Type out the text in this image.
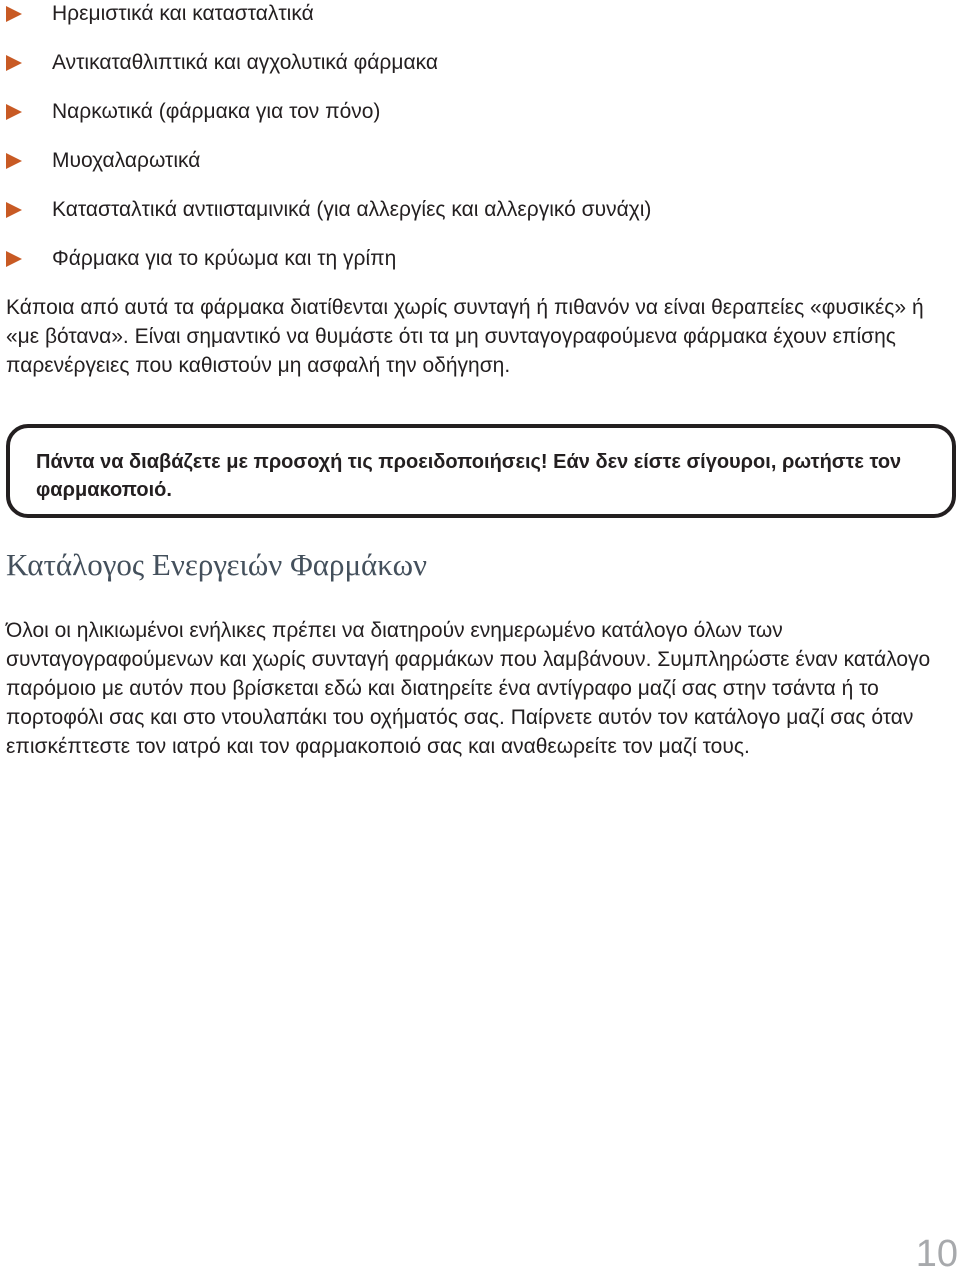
Ηρεμιστικά και κατασταλτικά
Αντικαταθλιπτικά και αγχολυτικά φάρμακα
Ναρκωτικά (φάρμακα για τον πόνο)
Μυοχαλαρωτικά
Κατασταλτικά αντιισταμινικά (για αλλεργίες και αλλεργικό συνάχι)
Φάρμακα για το κρύωμα και τη γρίπη

Κάποια από αυτά τα φάρμακα διατίθενται χωρίς συνταγή ή πιθανόν να είναι θεραπείες «φυσικές» ή «με βότανα». Είναι σημαντικό να θυμάστε ότι τα μη συνταγογραφούμενα φάρμακα έχουν επίσης παρενέργειες που καθιστούν μη ασφαλή την οδήγηση.

Πάντα να διαβάζετε με προσοχή τις προειδοποιήσεις! Εάν δεν είστε σίγουροι, ρωτήστε τον φαρμακοποιό.

Κατάλογος Ενεργειών Φαρμάκων

Όλοι οι ηλικιωμένοι ενήλικες πρέπει να διατηρούν ενημερωμένο κατάλογο όλων των συνταγογραφούμενων και χωρίς συνταγή φαρμάκων που λαμβάνουν. Συμπληρώστε έναν κατάλογο παρόμοιο με αυτόν που βρίσκεται εδώ και διατηρείτε ένα αντίγραφο μαζί σας στην τσάντα ή το πορτοφόλι σας και στο ντουλαπάκι του οχήματός σας. Παίρνετε αυτόν τον κατάλογο μαζί σας όταν επισκέπτεστε τον ιατρό και τον φαρμακοποιό σας και αναθεωρείτε τον μαζί τους.

10
